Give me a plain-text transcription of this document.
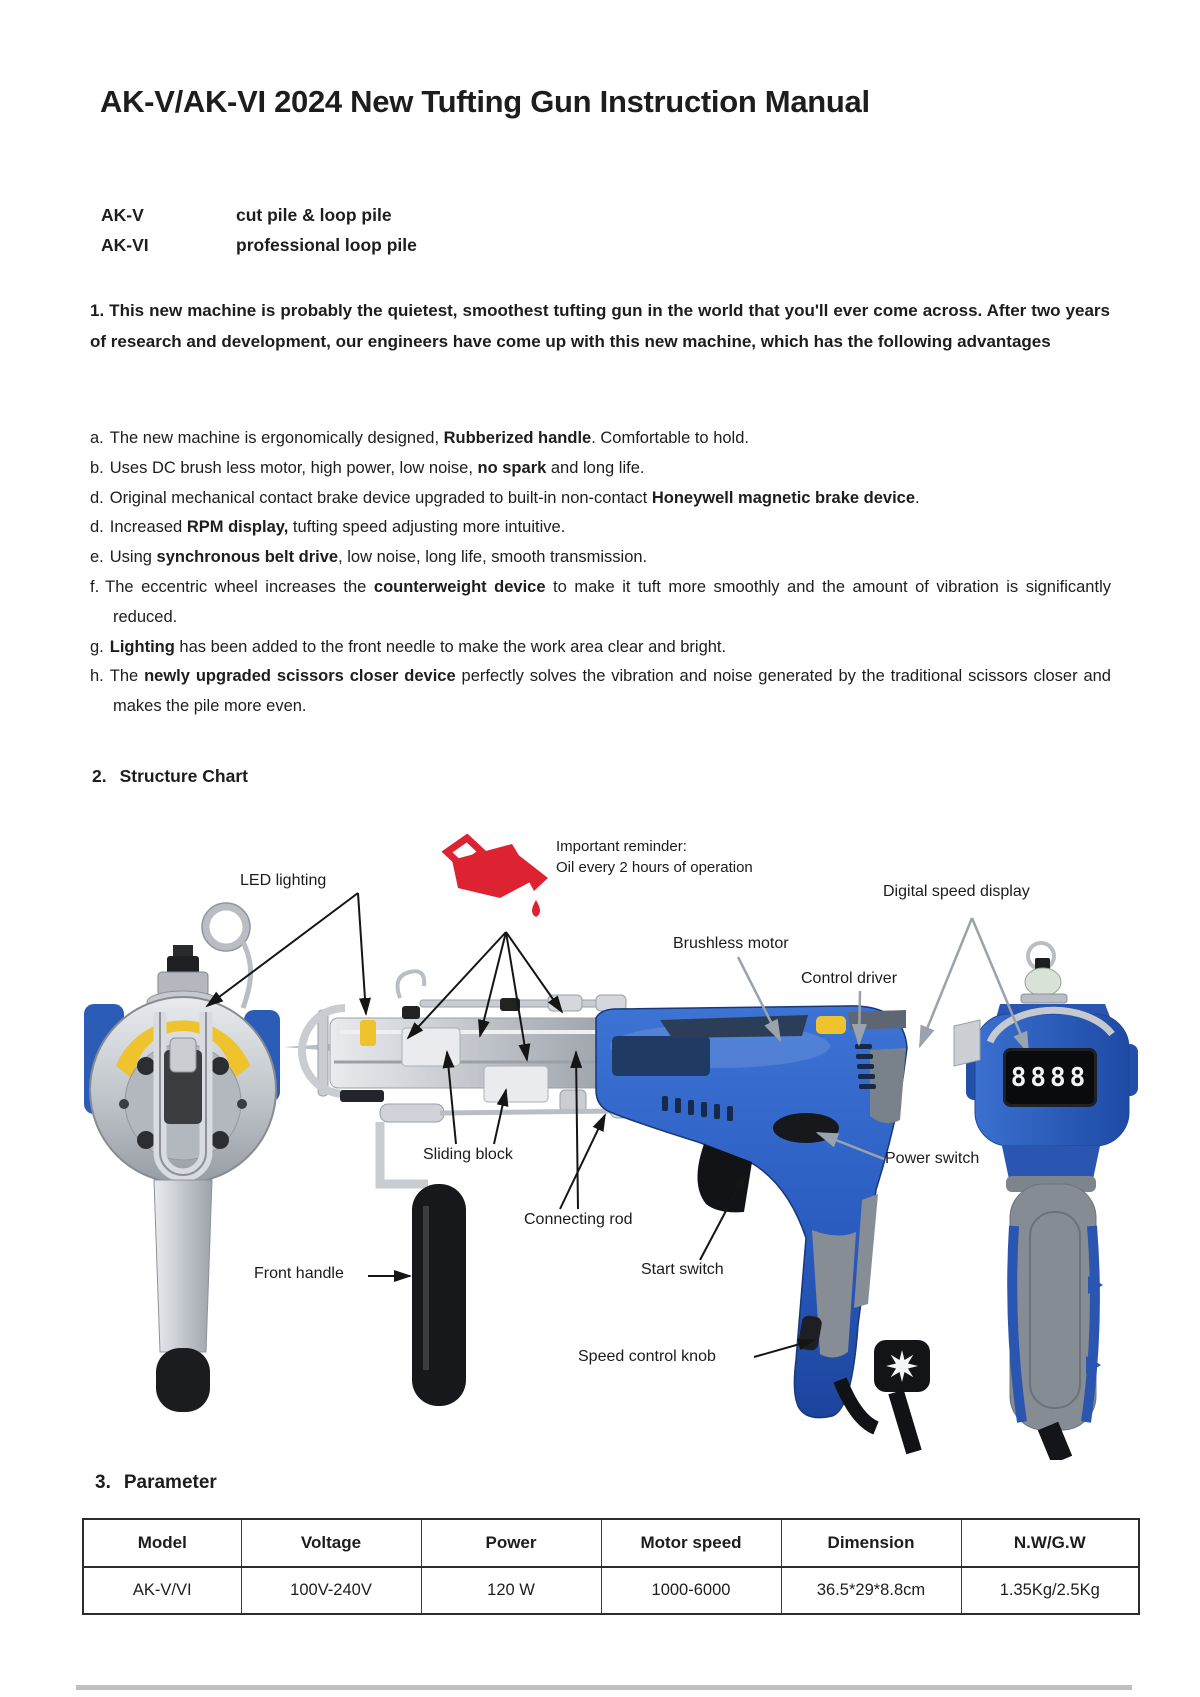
AK-V/AK-VI 2024 New Tufting Gun Instruction Manual
AK-V	cut pile & loop pile
AK-VI	professional loop pile
1. This new machine is probably the quietest, smoothest tufting gun in the world that you'll ever come across. After two years of research and development, our engineers have come up with this new machine, which has the following advantages
a. The new machine is ergonomically designed, Rubberized handle. Comfortable to hold.
b. Uses DC brush less motor, high power, low noise, no spark and long life.
d. Original mechanical contact brake device upgraded to built-in non-contact Honeywell magnetic brake device.
d. Increased RPM display, tufting speed adjusting more intuitive.
e. Using synchronous belt drive, low noise, long life, smooth transmission.
f. The eccentric wheel increases the counterweight device to make it tuft more smoothly and the amount of vibration is significantly reduced.
g. Lighting has been added to the front needle to make the work area clear and bright.
h. The newly upgraded scissors closer device perfectly solves the vibration and noise generated by the traditional scissors closer and makes the pile more even.
2. Structure Chart
Important reminder:
Oil every 2 hours of operation
LED lighting
Digital speed display
Brushless motor
Control driver
Sliding block	Power switch
Connecting rod
Front handle	Start switch
Speed control knob
8888
3. Parameter
Model	Voltage	Power	Motor speed	Dimension	N.W/G.W
AK-V/VI	100V-240V	120 W	1000-6000	36.5*29*8.8cm	1.35Kg/2.5Kg
